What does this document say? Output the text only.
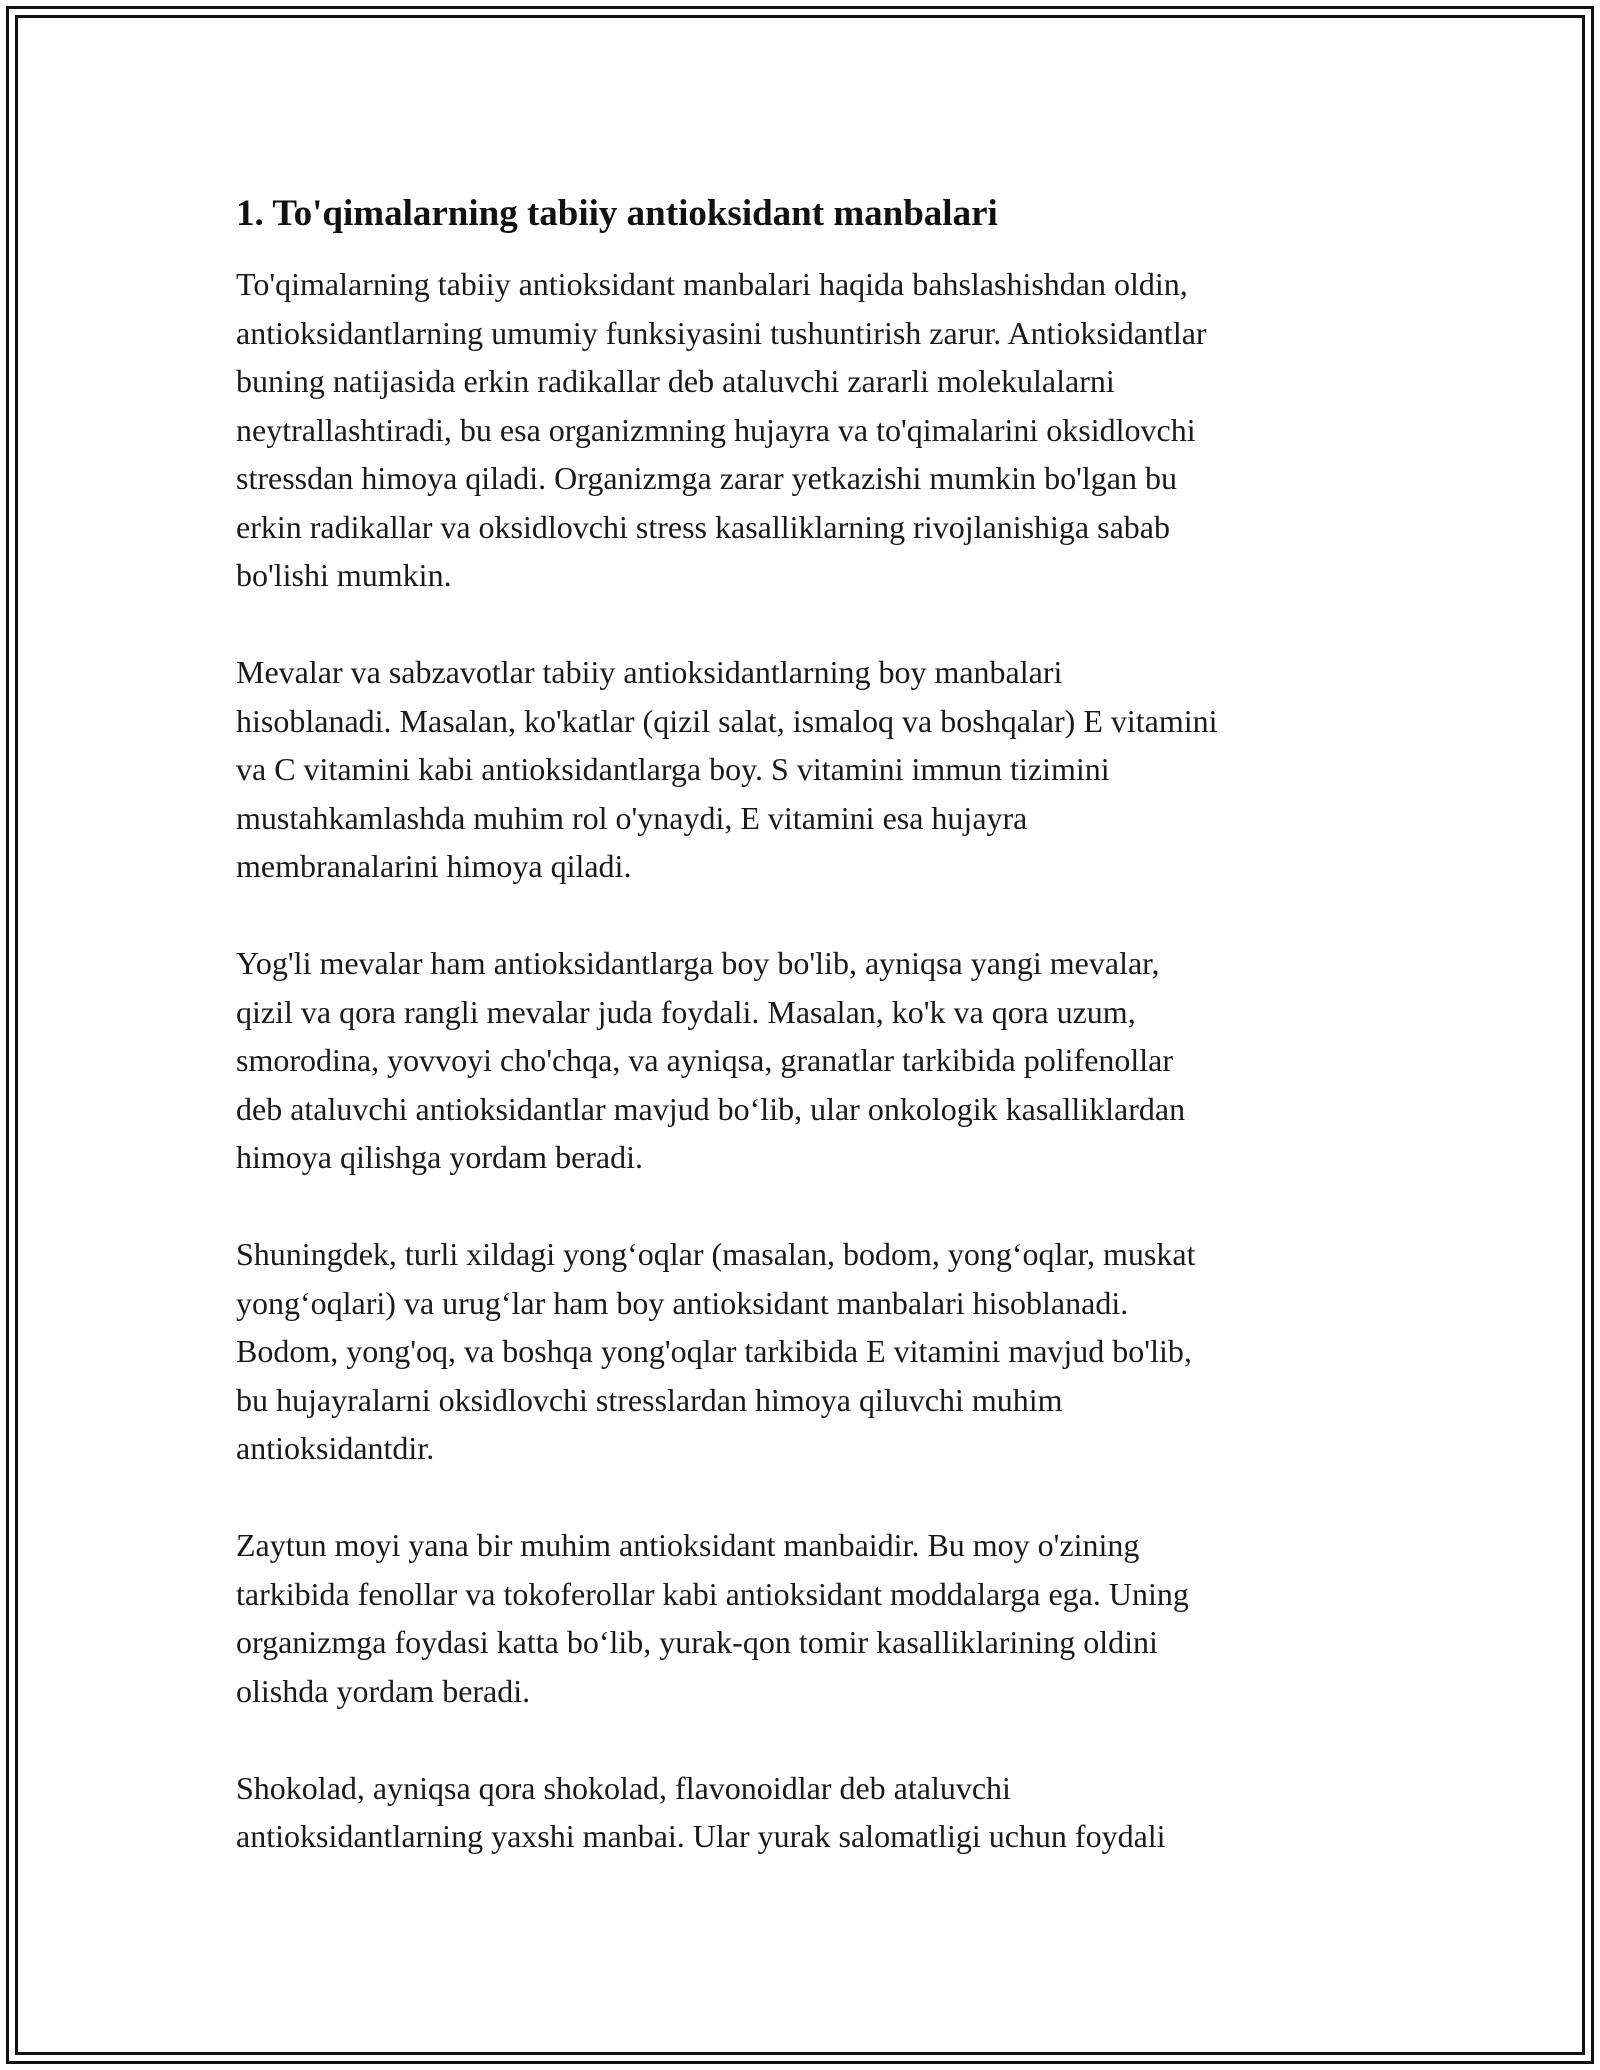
1. To'qimalarning tabiiy antioksidant manbalari
To'qimalarning tabiiy antioksidant manbalari haqida bahslashishdan oldin,
antioksidantlarning umumiy funksiyasini tushuntirish zarur. Antioksidantlar
buning natijasida erkin radikallar deb ataluvchi zararli molekulalarni
neytrallashtiradi, bu esa organizmning hujayra va to'qimalarini oksidlovchi
stressdan himoya qiladi. Organizmga zarar yetkazishi mumkin bo'lgan bu
erkin radikallar va oksidlovchi stress kasalliklarning rivojlanishiga sabab
bo'lishi mumkin.
Mevalar va sabzavotlar tabiiy antioksidantlarning boy manbalari
hisoblanadi. Masalan, ko'katlar (qizil salat, ismaloq va boshqalar) E vitamini
va C vitamini kabi antioksidantlarga boy. S vitamini immun tizimini
mustahkamlashda muhim rol o'ynaydi, E vitamini esa hujayra
membranalarini himoya qiladi.
Yog'li mevalar ham antioksidantlarga boy bo'lib, ayniqsa yangi mevalar,
qizil va qora rangli mevalar juda foydali. Masalan, ko'k va qora uzum,
smorodina, yovvoyi cho'chqa, va ayniqsa, granatlar tarkibida polifenollar
deb ataluvchi antioksidantlar mavjud bo‘lib, ular onkologik kasalliklardan
himoya qilishga yordam beradi.
Shuningdek, turli xildagi yong‘oqlar (masalan, bodom, yong‘oqlar, muskat
yong‘oqlari) va urug‘lar ham boy antioksidant manbalari hisoblanadi.
Bodom, yong'oq, va boshqa yong'oqlar tarkibida E vitamini mavjud bo'lib,
bu hujayralarni oksidlovchi stresslardan himoya qiluvchi muhim
antioksidantdir.
Zaytun moyi yana bir muhim antioksidant manbaidir. Bu moy o'zining
tarkibida fenollar va tokoferollar kabi antioksidant moddalarga ega. Uning
organizmga foydasi katta bo‘lib, yurak-qon tomir kasalliklarining oldini
olishda yordam beradi.
Shokolad, ayniqsa qora shokolad, flavonoidlar deb ataluvchi
antioksidantlarning yaxshi manbai. Ular yurak salomatligi uchun foydali
